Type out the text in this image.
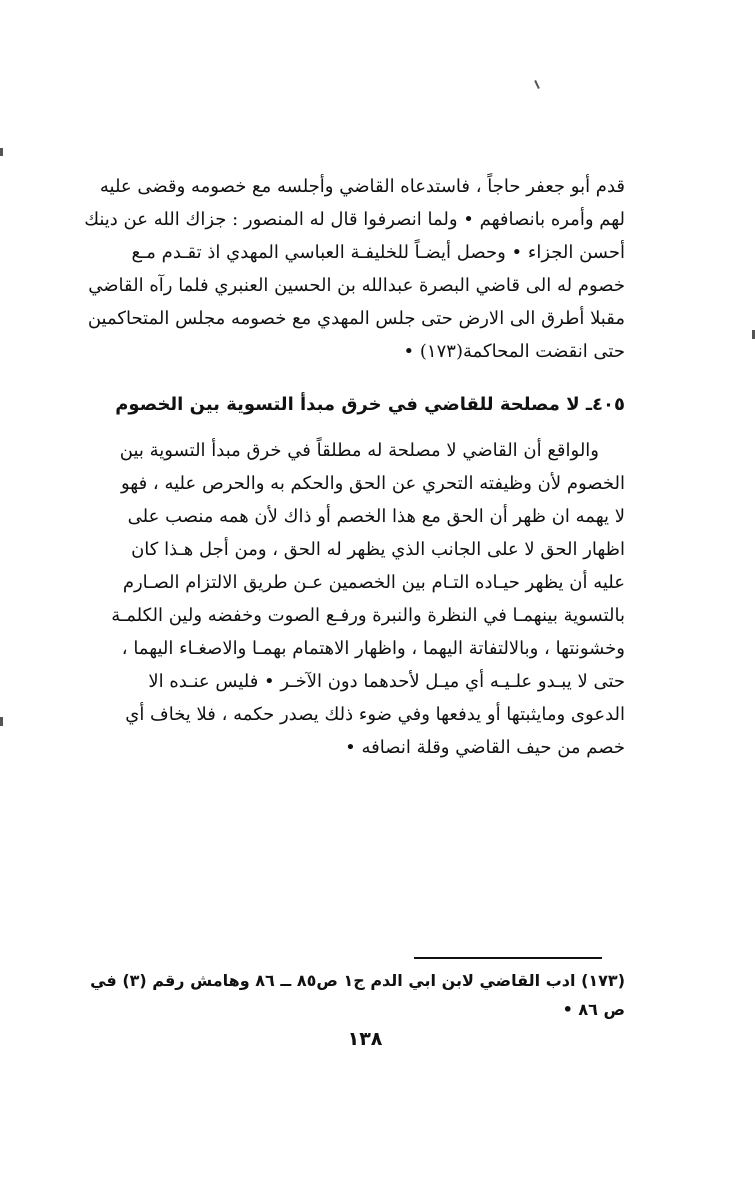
قدم أبو جعفر حاجاً ، فاستدعاه القاضي وأجلسه مع خصومه وقضى عليه
لهم وأمره بانصافهم • ولما انصرفوا قال له المنصور : جزاك الله عن دينك
أحسن الجزاء • وحصل أيضـاً للخليفـة العباسي المهدي اذ تقـدم مـع
خصوم له الى قاضي البصرة عبدالله بن الحسين العنبري فلما رآه القاضي
مقبلا أطرق الى الارض حتى جلس المهدي مع خصومه مجلس المتحاكمين
حتى انقضت المحاكمة(١٧٣) •
٤٠٥ـ لا مصلحة للقاضي في خرق مبدأ التسوية بين الخصوم
والواقع أن القاضي لا مصلحة له مطلقاً في خرق مبدأ التسوية بين
الخصوم لأن وظيفته التحري عن الحق والحكم به والحرص عليه ، فهو
لا يهمه ان ظهر أن الحق مع هذا الخصم أو ذاك لأن همه منصب على
اظهار الحق لا على الجانب الذي يظهر له الحق ، ومن أجل هـذا كان
عليه أن يظهر حيـاده التـام بين الخصمين عـن طريق الالتزام الصـارم
بالتسوية بينهمـا في النظرة والنبرة ورفـع الصوت وخفضه ولين الكلمـة
وخشونتها ، وبالالتفاتة اليهما ، واظهار الاهتمام بهمـا والاصغـاء اليهما ،
حتى لا يبـدو علـيـه أي ميـل لأحدهما دون الآخـر • فليس عنـده الا
الدعوى ومايثبتها أو يدفعها وفي ضوء ذلك يصدر حكمه ، فلا يخاف أي
خصم من حيف القاضي وقلة انصافه •
(١٧٣) ادب القاضي لابن ابي الدم ج١ ص٨٥ ــ ٨٦ وهامش رقم (٣) في
ص ٨٦ •
١٣٨
